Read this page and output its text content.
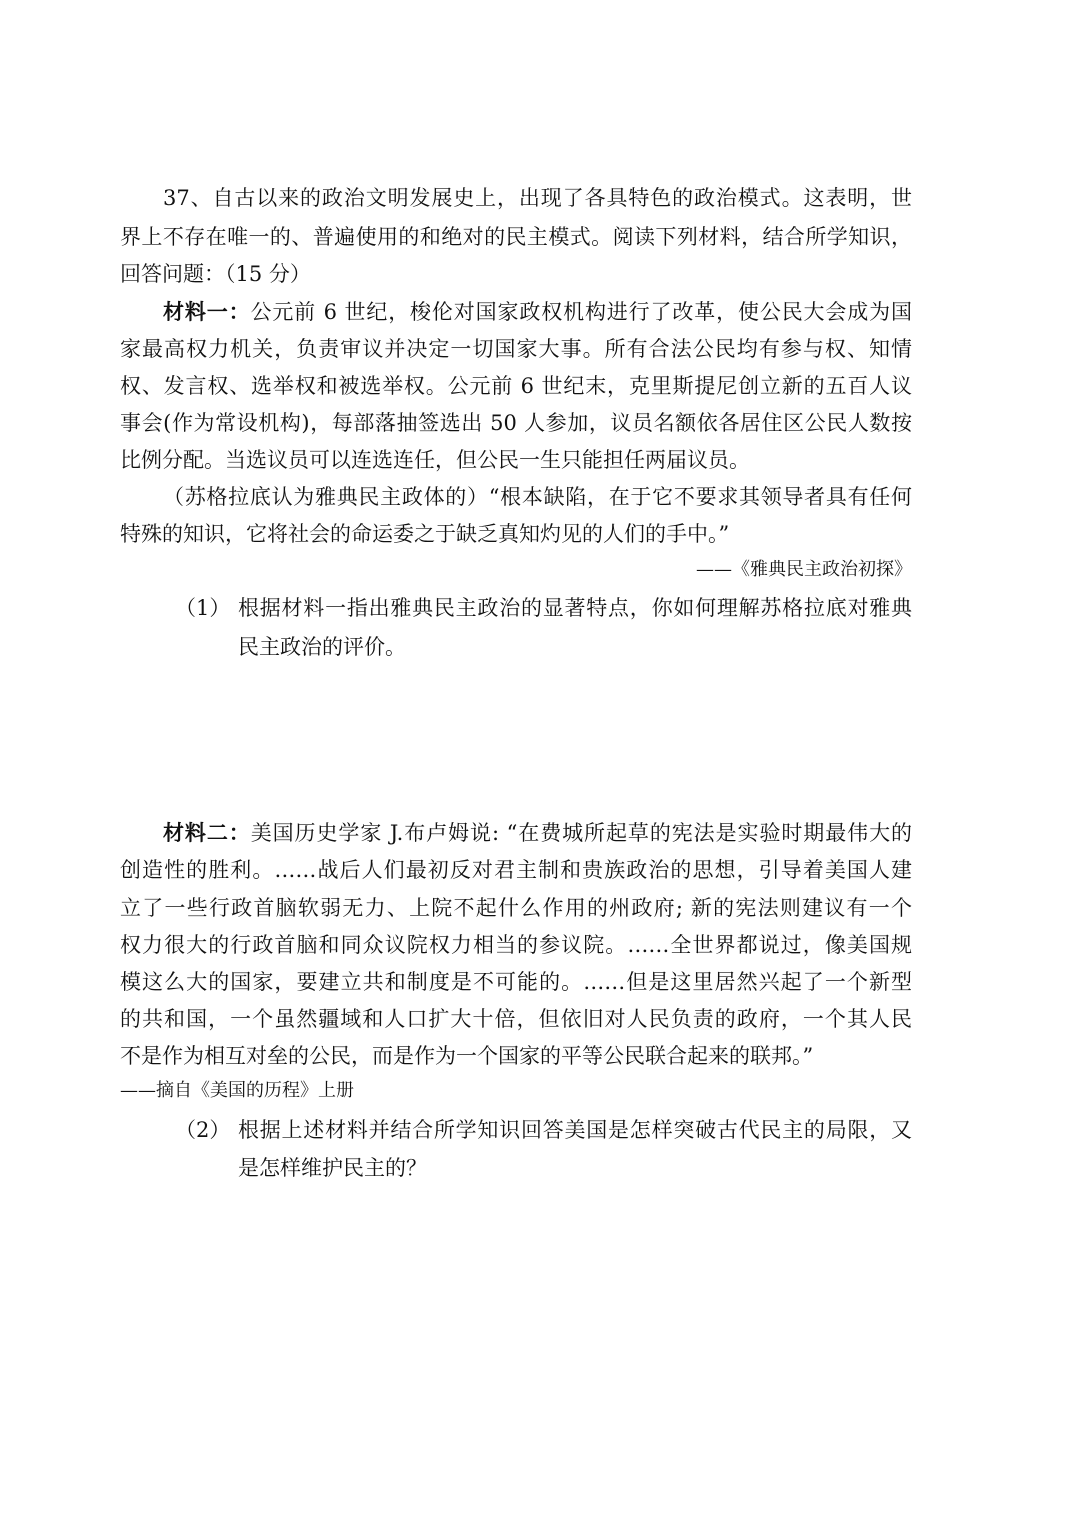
37、自古以来的政治文明发展史上，出现了各具特色的政治模式。这表明，世
界上不存在唯一的、普遍使用的和绝对的民主模式。阅读下列材料，结合所学知识，
回答问题：（15 分）
材料一：公元前 6 世纪，梭伦对国家政权机构进行了改革，使公民大会成为国
家最高权力机关，负责审议并决定一切国家大事。所有合法公民均有参与权、知情
权、发言权、选举权和被选举权。公元前 6 世纪末，克里斯提尼创立新的五百人议
事会(作为常设机构)，每部落抽签选出 50 人参加，议员名额依各居住区公民人数按
比例分配。当选议员可以连选连任，但公民一生只能担任两届议员。
（苏格拉底认为雅典民主政体的）“根本缺陷，在于它不要求其领导者具有任何
特殊的知识，它将社会的命运委之于缺乏真知灼见的人们的手中。”
——《雅典民主政治初探》
（1） 根据材料一指出雅典民主政治的显著特点，你如何理解苏格拉底对雅典
民主政治的评价。
材料二：美国历史学家 J.布卢姆说: “在费城所起草的宪法是实验时期最伟大的
创造性的胜利。……战后人们最初反对君主制和贵族政治的思想，引导着美国人建
立了一些行政首脑软弱无力、上院不起什么作用的州政府; 新的宪法则建议有一个
权力很大的行政首脑和同众议院权力相当的参议院。……全世界都说过，像美国规
模这么大的国家，要建立共和制度是不可能的。……但是这里居然兴起了一个新型
的共和国，一个虽然疆域和人口扩大十倍，但依旧对人民负责的政府，一个其人民
不是作为相互对垒的公民，而是作为一个国家的平等公民联合起来的联邦。”
——摘自《美国的历程》上册
（2） 根据上述材料并结合所学知识回答美国是怎样突破古代民主的局限，又
是怎样维护民主的？
